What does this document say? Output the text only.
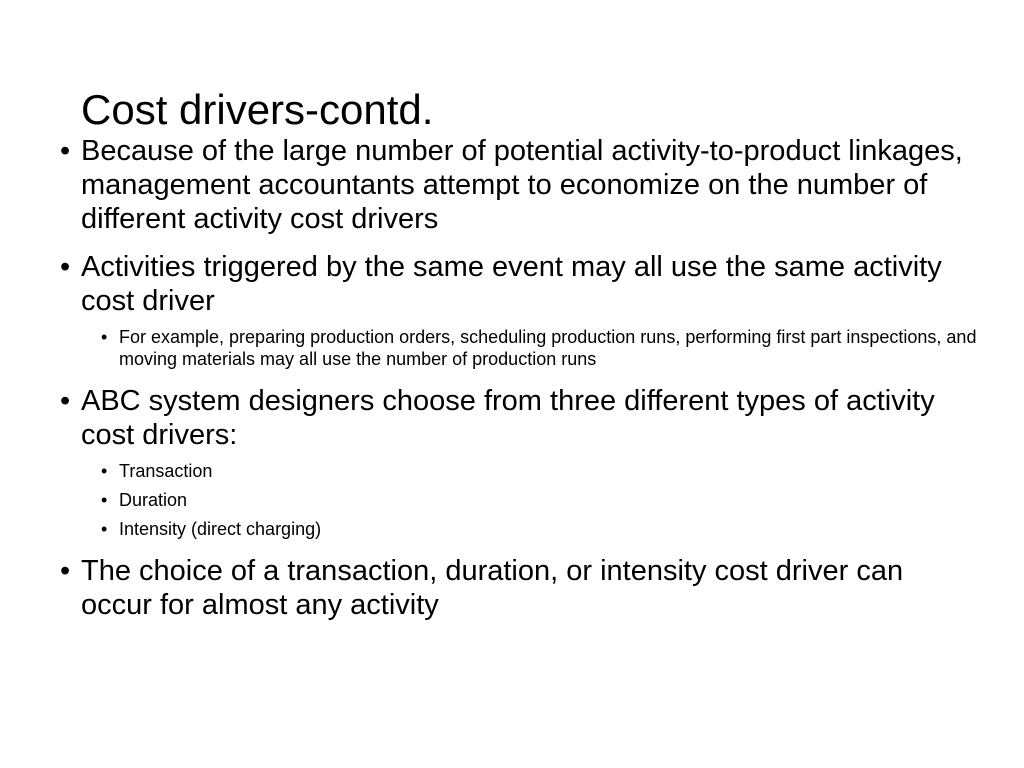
Cost drivers-contd.
• Because of the large number of potential activity-to-product linkages, management accountants attempt to economize on the number of different activity cost drivers
• Activities triggered by the same event may all use the same activity cost driver
• For example, preparing production orders, scheduling production runs, performing first part inspections, and moving materials may all use the number of production runs
• ABC system designers choose from three different types of activity cost drivers:
• Transaction
• Duration
• Intensity (direct charging)
• The choice of a transaction, duration, or intensity cost driver can occur for almost any activity
